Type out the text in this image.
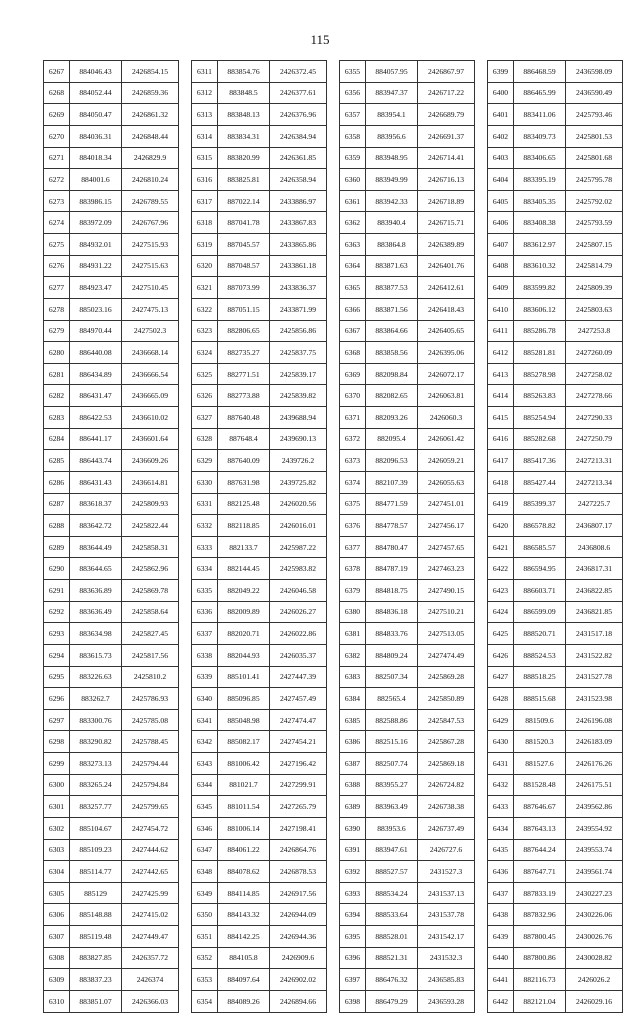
115
6267	884046.43	2426854.15
6268	884052.44	2426859.36
6269	884050.47	2426861.32
6270	884036.31	2426848.44
6271	884018.34	2426829.9
6272	884001.6	2426810.24
6273	883986.15	2426789.55
6274	883972.09	2426767.96
6275	884932.01	2427515.93
6276	884931.22	2427515.63
6277	884923.47	2427510.45
6278	885023.16	2427475.13
6279	884970.44	2427502.3
6280	886440.08	2436668.14
6281	886434.89	2436666.54
6282	886431.47	2436665.09
6283	886422.53	2436610.02
6284	886441.17	2436601.64
6285	886443.74	2436609.26
6286	886431.43	2436614.81
6287	883618.37	2425809.93
6288	883642.72	2425822.44
6289	883644.49	2425858.31
6290	883644.65	2425862.96
6291	883636.89	2425869.78
6292	883636.49	2425858.64
6293	883634.98	2425827.45
6294	883615.73	2425817.56
6295	883226.63	2425810.2
6296	883262.7	2425786.93
6297	883300.76	2425785.08
6298	883290.82	2425788.45
6299	883273.13	2425794.44
6300	883265.24	2425794.84
6301	883257.77	2425799.65
6302	885104.67	2427454.72
6303	885109.23	2427444.62
6304	885114.77	2427442.65
6305	885129	2427425.99
6306	885148.88	2427415.02
6307	885119.48	2427449.47
6308	883827.85	2426357.72
6309	883837.23	2426374
6310	883851.07	2426366.03
6311	883854.76	2426372.45
6312	883848.5	2426377.61
6313	883848.13	2426376.96
6314	883834.31	2426384.94
6315	883820.99	2426361.85
6316	883825.81	2426358.94
6317	887022.14	2433886.97
6318	887041.78	2433867.83
6319	887045.57	2433865.86
6320	887048.57	2433861.18
6321	887073.99	2433836.37
6322	887051.15	2433871.99
6323	882806.65	2425856.86
6324	882735.27	2425837.75
6325	882771.51	2425839.17
6326	882773.88	2425839.82
6327	887640.48	2439688.94
6328	887648.4	2439690.13
6329	887640.09	2439726.2
6330	887631.98	2439725.82
6331	882125.48	2426020.56
6332	882118.85	2426016.01
6333	882133.7	2425987.22
6334	882144.45	2425983.82
6335	882049.22	2426046.58
6336	882009.89	2426026.27
6337	882020.71	2426022.86
6338	882044.93	2426035.37
6339	885101.41	2427447.39
6340	885096.85	2427457.49
6341	885048.98	2427474.47
6342	885082.17	2427454.21
6343	881006.42	2427196.42
6344	881021.7	2427299.91
6345	881011.54	2427265.79
6346	881006.14	2427198.41
6347	884061.22	2426864.76
6348	884078.62	2426878.53
6349	884114.85	2426917.56
6350	884143.32	2426944.09
6351	884142.25	2426944.36
6352	884105.8	2426909.6
6353	884097.64	2426902.02
6354	884089.26	2426894.66
6355	884057.95	2426867.97
6356	883947.37	2426717.22
6357	883954.1	2426689.79
6358	883956.6	2426691.37
6359	883948.95	2426714.41
6360	883949.99	2426716.13
6361	883942.33	2426718.89
6362	883940.4	2426715.71
6363	883864.8	2426389.89
6364	883871.63	2426401.76
6365	883877.53	2426412.61
6366	883871.56	2426418.43
6367	883864.66	2426405.65
6368	883858.56	2426395.06
6369	882098.84	2426072.17
6370	882082.65	2426063.81
6371	882093.26	2426060.3
6372	882095.4	2426061.42
6373	882096.53	2426059.21
6374	882107.39	2426055.63
6375	884771.59	2427451.01
6376	884778.57	2427456.17
6377	884780.47	2427457.65
6378	884787.19	2427463.23
6379	884818.75	2427490.15
6380	884836.18	2427510.21
6381	884833.76	2427513.05
6382	884809.24	2427474.49
6383	882507.34	2425869.28
6384	882565.4	2425850.89
6385	882588.86	2425847.53
6386	882515.16	2425867.28
6387	882507.74	2425869.18
6388	883955.27	2426724.82
6389	883963.49	2426738.38
6390	883953.6	2426737.49
6391	883947.61	2426727.6
6392	888527.57	2431527.3
6393	888534.24	2431537.13
6394	888533.64	2431537.78
6395	888528.01	2431542.17
6396	888521.31	2431532.3
6397	886476.32	2436585.83
6398	886479.29	2436593.28
6399	886468.59	2436598.09
6400	886465.99	2436590.49
6401	883411.06	2425793.46
6402	883409.73	2425801.53
6403	883406.65	2425801.68
6404	883395.19	2425795.78
6405	883405.35	2425792.02
6406	883408.38	2425793.59
6407	883612.97	2425807.15
6408	883610.32	2425814.79
6409	883599.82	2425809.39
6410	883606.12	2425803.63
6411	885286.78	2427253.8
6412	885281.81	2427260.09
6413	885278.98	2427258.02
6414	885263.83	2427278.66
6415	885254.94	2427290.33
6416	885282.68	2427250.79
6417	885417.36	2427213.31
6418	885427.44	2427213.34
6419	885399.37	2427225.7
6420	886578.82	2436807.17
6421	886585.57	2436808.6
6422	886594.95	2436817.31
6423	886603.71	2436822.85
6424	886599.09	2436821.85
6425	888520.71	2431517.18
6426	888524.53	2431522.82
6427	888518.25	2431527.78
6428	888515.68	2431523.98
6429	881509.6	2426196.08
6430	881520.3	2426183.09
6431	881527.6	2426176.26
6432	881528.48	2426175.51
6433	887646.67	2439562.86
6434	887643.13	2439554.92
6435	887644.24	2439553.74
6436	887647.71	2439561.74
6437	887833.19	2430227.23
6438	887832.96	2430226.06
6439	887800.45	2430026.76
6440	887800.86	2430028.82
6441	882116.73	2426026.2
6442	882121.04	2426029.16
